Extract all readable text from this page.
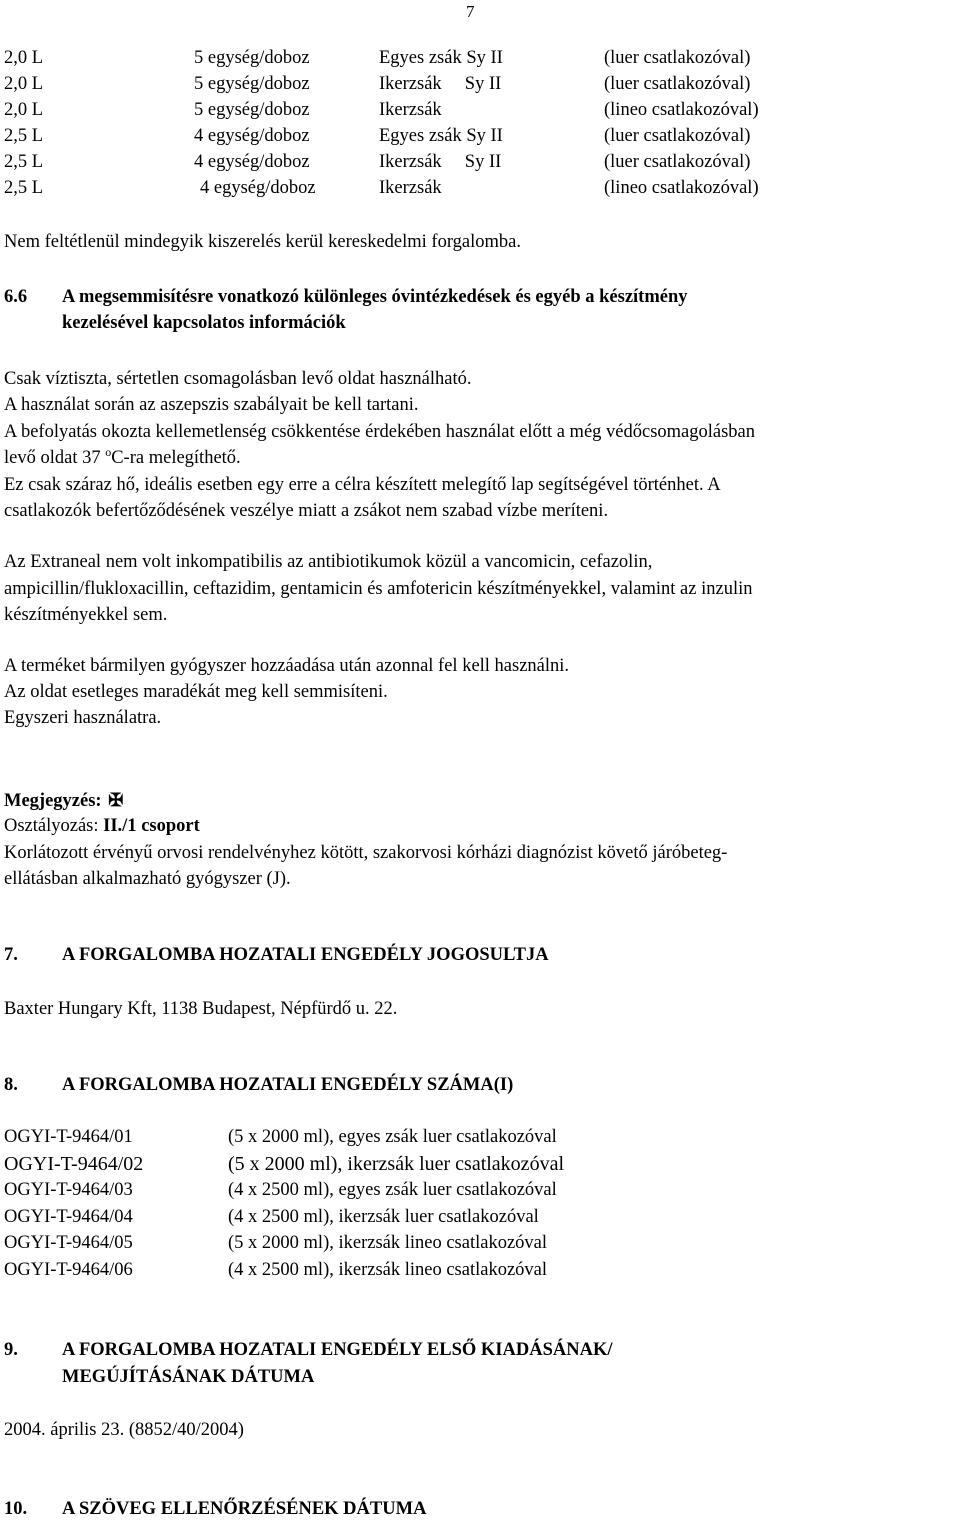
7
2,0 L	5 egység/doboz	Egyes zsák Sy II	(luer csatlakozóval)
2,0 L	5 egység/doboz	Ikerzsák     Sy II	(luer csatlakozóval)
2,0 L	5 egység/doboz	Ikerzsák	(lineo csatlakozóval)
2,5 L	4 egység/doboz	Egyes zsák Sy II	(luer csatlakozóval)
2,5 L	4 egység/doboz	Ikerzsák     Sy II	(luer csatlakozóval)
2,5 L	4 egység/doboz	Ikerzsák	(lineo csatlakozóval)
Nem feltétlenül mindegyik kiszerelés kerül kereskedelmi forgalomba.
6.6 A megsemmisítésre vonatkozó különleges óvintézkedések és egyéb a készítmény
kezelésével kapcsolatos információk
Csak víztiszta, sértetlen csomagolásban levő oldat használható.
A használat során az aszepszis szabályait be kell tartani.
A befolyatás okozta kellemetlenség csökkentése érdekében használat előtt a még védőcsomagolásban
levő oldat 37 $^o$C-ra melegíthető.
Ez csak száraz hő, ideális esetben egy erre a célra készített melegítő lap segítségével történhet. A
csatlakozók befertőződésének veszélye miatt a zsákot nem szabad vízbe meríteni.
Az Extraneal nem volt inkompatibilis az antibiotikumok közül a vancomicin, cefazolin,
ampicillin/flukloxacillin, ceftazidim, gentamicin és amfotericin készítményekkel, valamint az inzulin
készítményekkel sem.
A terméket bármilyen gyógyszer hozzáadása után azonnal fel kell használni.
Az oldat esetleges maradékát meg kell semmisíteni.
Egyszeri használatra.
Megjegyzés: ✠
Osztályozás: II./1 csoport
Korlátozott érvényű orvosi rendelvényhez kötött, szakorvosi kórházi diagnózist követő járóbeteg-
ellátásban alkalmazható gyógyszer (J).
7. A FORGALOMBA HOZATALI ENGEDÉLY JOGOSULTJA
Baxter Hungary Kft, 1138 Budapest, Népfürdő u. 22.
8. A FORGALOMBA HOZATALI ENGEDÉLY SZÁMA(I)
OGYI-T-9464/01	(5 x 2000 ml), egyes zsák luer csatlakozóval
OGYI-T-9464/02	(5 x 2000 ml), ikerzsák luer csatlakozóval
OGYI-T-9464/03	(4 x 2500 ml), egyes zsák luer csatlakozóval
OGYI-T-9464/04	(4 x 2500 ml), ikerzsák luer csatlakozóval
OGYI-T-9464/05	(5 x 2000 ml), ikerzsák lineo csatlakozóval
OGYI-T-9464/06	(4 x 2500 ml), ikerzsák lineo csatlakozóval
9. A FORGALOMBA HOZATALI ENGEDÉLY ELSŐ KIADÁSÁNAK/
MEGÚJÍTÁSÁNAK DÁTUMA
2004. április 23. (8852/40/2004)
10. A SZÖVEG ELLENŐRZÉSÉNEK DÁTUMA
